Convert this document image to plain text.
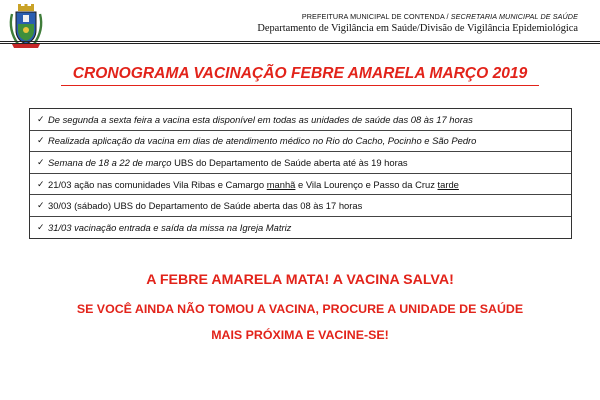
PREFEITURA MUNICIPAL DE CONTENDA / SECRETARIA MUNICIPAL DE SAÚDE
Departamento de Vigilância em Saúde/Divisão de Vigilância Epidemiológica
CRONOGRAMA VACINAÇÃO FEBRE AMARELA MARÇO 2019
✓ De segunda a sexta feira a vacina esta disponível em todas as unidades de saúde das 08 às 17 horas
✓ Realizada aplicação da vacina em dias de atendimento médico no Rio do Cacho, Pocinho e São Pedro
✓ Semana de 18 a 22 de março UBS do Departamento de Saúde aberta até às 19 horas
✓ 21/03 ação nas comunidades Vila Ribas e Camargo manhã e Vila Lourenço e Passo da Cruz tarde
✓ 30/03 (sábado) UBS do Departamento de Saúde aberta das 08 às 17 horas
✓ 31/03 vacinação entrada e saída da missa na Igreja Matriz
A FEBRE AMARELA MATA! A VACINA SALVA!
SE VOCÊ AINDA NÃO TOMOU A VACINA, PROCURE A UNIDADE DE SAÚDE
MAIS PRÓXIMA E VACINE-SE!
